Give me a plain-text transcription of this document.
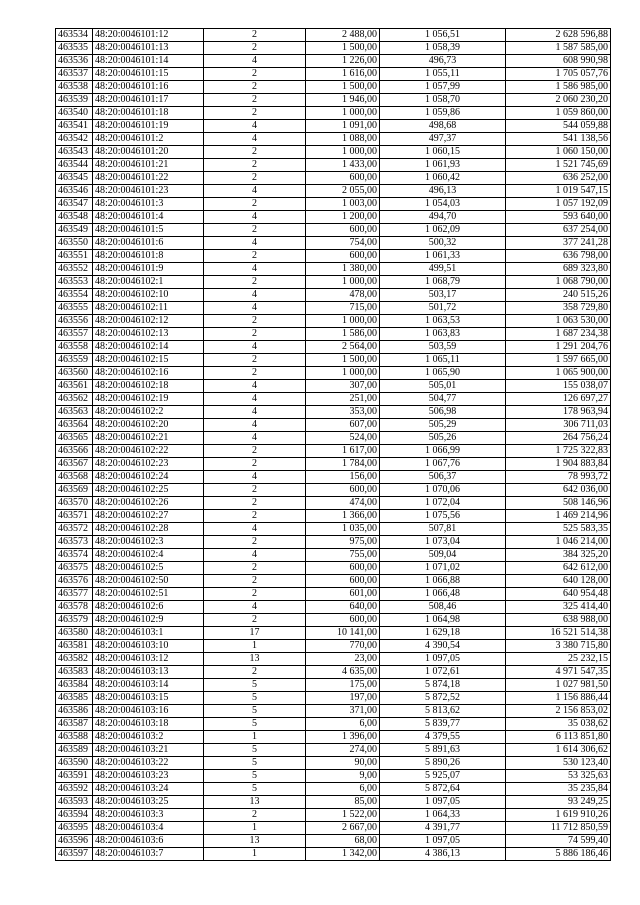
463534	48:20:0046101:12	2	2 488,00	1 056,51	2 628 596,88
463535	48:20:0046101:13	2	1 500,00	1 058,39	1 587 585,00
463536	48:20:0046101:14	4	1 226,00	496,73	608 990,98
463537	48:20:0046101:15	2	1 616,00	1 055,11	1 705 057,76
463538	48:20:0046101:16	2	1 500,00	1 057,99	1 586 985,00
463539	48:20:0046101:17	2	1 946,00	1 058,70	2 060 230,20
463540	48:20:0046101:18	2	1 000,00	1 059,86	1 059 860,00
463541	48:20:0046101:19	4	1 091,00	498,68	544 059,88
463542	48:20:0046101:2	4	1 088,00	497,37	541 138,56
463543	48:20:0046101:20	2	1 000,00	1 060,15	1 060 150,00
463544	48:20:0046101:21	2	1 433,00	1 061,93	1 521 745,69
463545	48:20:0046101:22	2	600,00	1 060,42	636 252,00
463546	48:20:0046101:23	4	2 055,00	496,13	1 019 547,15
463547	48:20:0046101:3	2	1 003,00	1 054,03	1 057 192,09
463548	48:20:0046101:4	4	1 200,00	494,70	593 640,00
463549	48:20:0046101:5	2	600,00	1 062,09	637 254,00
463550	48:20:0046101:6	4	754,00	500,32	377 241,28
463551	48:20:0046101:8	2	600,00	1 061,33	636 798,00
463552	48:20:0046101:9	4	1 380,00	499,51	689 323,80
463553	48:20:0046102:1	2	1 000,00	1 068,79	1 068 790,00
463554	48:20:0046102:10	4	478,00	503,17	240 515,26
463555	48:20:0046102:11	4	715,00	501,72	358 729,80
463556	48:20:0046102:12	2	1 000,00	1 063,53	1 063 530,00
463557	48:20:0046102:13	2	1 586,00	1 063,83	1 687 234,38
463558	48:20:0046102:14	4	2 564,00	503,59	1 291 204,76
463559	48:20:0046102:15	2	1 500,00	1 065,11	1 597 665,00
463560	48:20:0046102:16	2	1 000,00	1 065,90	1 065 900,00
463561	48:20:0046102:18	4	307,00	505,01	155 038,07
463562	48:20:0046102:19	4	251,00	504,77	126 697,27
463563	48:20:0046102:2	4	353,00	506,98	178 963,94
463564	48:20:0046102:20	4	607,00	505,29	306 711,03
463565	48:20:0046102:21	4	524,00	505,26	264 756,24
463566	48:20:0046102:22	2	1 617,00	1 066,99	1 725 322,83
463567	48:20:0046102:23	2	1 784,00	1 067,76	1 904 883,84
463568	48:20:0046102:24	4	156,00	506,37	78 993,72
463569	48:20:0046102:25	2	600,00	1 070,06	642 036,00
463570	48:20:0046102:26	2	474,00	1 072,04	508 146,96
463571	48:20:0046102:27	2	1 366,00	1 075,56	1 469 214,96
463572	48:20:0046102:28	4	1 035,00	507,81	525 583,35
463573	48:20:0046102:3	2	975,00	1 073,04	1 046 214,00
463574	48:20:0046102:4	4	755,00	509,04	384 325,20
463575	48:20:0046102:5	2	600,00	1 071,02	642 612,00
463576	48:20:0046102:50	2	600,00	1 066,88	640 128,00
463577	48:20:0046102:51	2	601,00	1 066,48	640 954,48
463578	48:20:0046102:6	4	640,00	508,46	325 414,40
463579	48:20:0046102:9	2	600,00	1 064,98	638 988,00
463580	48:20:0046103:1	17	10 141,00	1 629,18	16 521 514,38
463581	48:20:0046103:10	1	770,00	4 390,54	3 380 715,80
463582	48:20:0046103:12	13	23,00	1 097,05	25 232,15
463583	48:20:0046103:13	2	4 635,00	1 072,61	4 971 547,35
463584	48:20:0046103:14	5	175,00	5 874,18	1 027 981,50
463585	48:20:0046103:15	5	197,00	5 872,52	1 156 886,44
463586	48:20:0046103:16	5	371,00	5 813,62	2 156 853,02
463587	48:20:0046103:18	5	6,00	5 839,77	35 038,62
463588	48:20:0046103:2	1	1 396,00	4 379,55	6 113 851,80
463589	48:20:0046103:21	5	274,00	5 891,63	1 614 306,62
463590	48:20:0046103:22	5	90,00	5 890,26	530 123,40
463591	48:20:0046103:23	5	9,00	5 925,07	53 325,63
463592	48:20:0046103:24	5	6,00	5 872,64	35 235,84
463593	48:20:0046103:25	13	85,00	1 097,05	93 249,25
463594	48:20:0046103:3	2	1 522,00	1 064,33	1 619 910,26
463595	48:20:0046103:4	1	2 667,00	4 391,77	11 712 850,59
463596	48:20:0046103:6	13	68,00	1 097,05	74 599,40
463597	48:20:0046103:7	1	1 342,00	4 386,13	5 886 186,46
